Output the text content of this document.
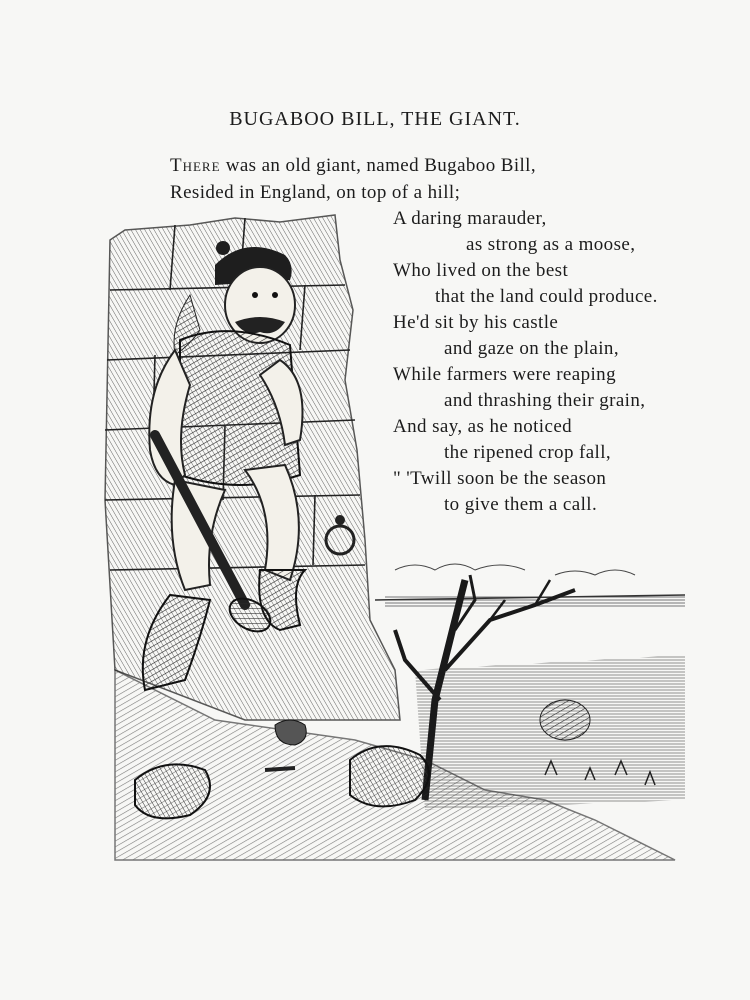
BUGABOO BILL, THE GIANT.
There was an old giant, named Bugaboo Bill,
Resided in England, on top of a hill;
A daring marauder,
as strong as a moose,
Who lived on the best
that the land could produce.
He'd sit by his castle
and gaze on the plain,
While farmers were reaping
and thrashing their grain,
And say, as he noticed
the ripened crop fall,
" 'Twill soon be the season
to give them a call.
